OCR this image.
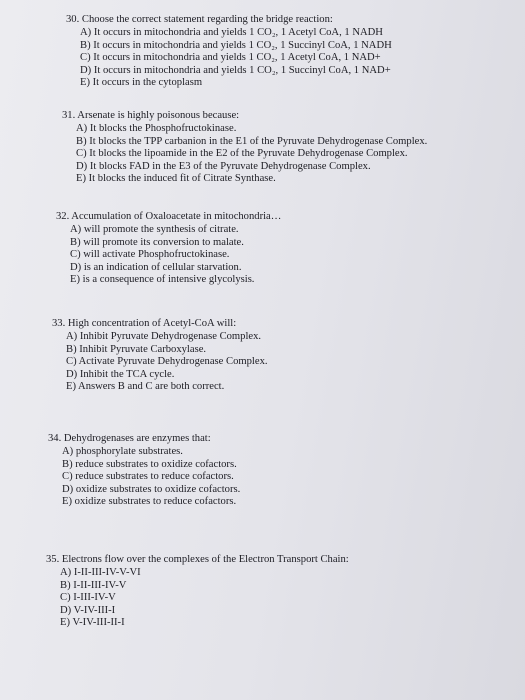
30. Choose the correct statement regarding the bridge reaction:
A) It occurs in mitochondria and yields 1 CO₂, 1 Acetyl CoA, 1 NADH
B) It occurs in mitochondria and yields 1 CO₂, 1 Succinyl CoA, 1 NADH
C) It occurs in mitochondria and yields 1 CO₂, 1 Acetyl CoA, 1 NAD+
D) It occurs in mitochondria and yields 1 CO₂, 1 Succinyl CoA, 1 NAD+
E) It occurs in the cytoplasm
31. Arsenate is highly poisonous because:
A) It blocks the Phosphofructokinase.
B) It blocks the TPP carbanion in the E1 of the Pyruvate Dehydrogenase Complex.
C) It blocks the lipoamide in the E2 of the Pyruvate Dehydrogenase Complex.
D) It blocks FAD in the E3 of the Pyruvate Dehydrogenase Complex.
E) It blocks the induced fit of Citrate Synthase.
32. Accumulation of Oxaloacetate in mitochondria…
A) will promote the synthesis of citrate.
B) will promote its conversion to malate.
C) will activate Phosphofructokinase.
D) is an indication of cellular starvation.
E) is a consequence of intensive glycolysis.
33. High concentration of Acetyl-CoA will:
A) Inhibit Pyruvate Dehydrogenase Complex.
B) Inhibit Pyruvate Carboxylase.
C) Activate Pyruvate Dehydrogenase Complex.
D) Inhibit the TCA cycle.
E) Answers B and C are both correct.
34. Dehydrogenases are enzymes that:
A) phosphorylate substrates.
B) reduce substrates to oxidize cofactors.
C) reduce substrates to reduce cofactors.
D) oxidize substrates to oxidize cofactors.
E) oxidize substrates to reduce cofactors.
35. Electrons flow over the complexes of the Electron Transport Chain:
A) I-II-III-IV-V-VI
B) I-II-III-IV-V
C) I-III-IV-V
D) V-IV-III-I
E) V-IV-III-II-I
